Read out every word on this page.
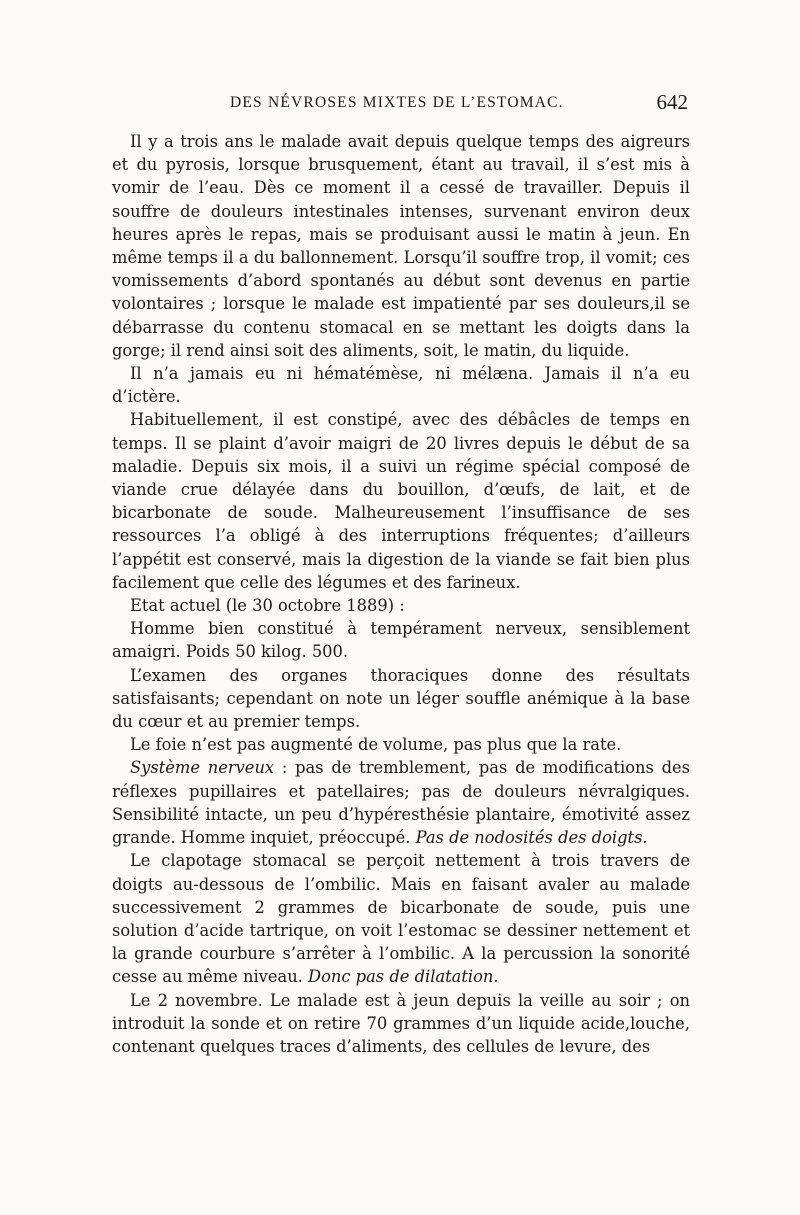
DES NÉVROSES MIXTES DE L’ESTOMAC.	642

Il y a trois ans le malade avait depuis quelque temps des aigreurs et du pyrosis, lorsque brusquement, étant au travail, il s’est mis à vomir de l’eau. Dès ce moment il a cessé de travailler. Depuis il souffre de douleurs intestinales intenses, survenant environ deux heures après le repas, mais se produisant aussi le matin à jeun. En même temps il a du ballonnement. Lorsqu’il souffre trop, il vomit; ces vomissements d’abord spontanés au début sont devenus en partie volontaires ; lorsque le malade est impatienté par ses douleurs,il se débarrasse du contenu stomacal en se mettant les doigts dans la gorge; il rend ainsi soit des aliments, soit, le matin, du liquide.

Il n’a jamais eu ni hématémèse, ni mélæna. Jamais il n’a eu d’ictère.

Habituellement, il est constipé, avec des débâcles de temps en temps. Il se plaint d’avoir maigri de 20 livres depuis le début de sa maladie. Depuis six mois, il a suivi un régime spécial composé de viande crue délayée dans du bouillon, d’œufs, de lait, et de bicarbonate de soude. Malheureusement l’insuffisance de ses ressources l’a obligé à des interruptions fréquentes; d’ailleurs l’appétit est conservé, mais la digestion de la viande se fait bien plus facilement que celle des légumes et des farineux.

Etat actuel (le 30 octobre 1889) :

Homme bien constitué à tempérament nerveux, sensiblement amaigri. Poids 50 kilog. 500.

L’examen des organes thoraciques donne des résultats satisfaisants; cependant on note un léger souffle anémique à la base du cœur et au premier temps.

Le foie n’est pas augmenté de volume, pas plus que la rate.

Système nerveux : pas de tremblement, pas de modifications des réflexes pupillaires et patellaires; pas de douleurs névralgiques. Sensibilité intacte, un peu d’hypéresthésie plantaire, émotivité assez grande. Homme inquiet, préoccupé. Pas de nodosités des doigts.

Le clapotage stomacal se perçoit nettement à trois travers de doigts au-dessous de l’ombilic. Mais en faisant avaler au malade successivement 2 grammes de bicarbonate de soude, puis une solution d’acide tartrique, on voit l’estomac se dessiner nettement et la grande courbure s’arrêter à l’ombilic. A la percussion la sonorité cesse au même niveau. Donc pas de dilatation.

Le 2 novembre. Le malade est à jeun depuis la veille au soir ; on introduit la sonde et on retire 70 grammes d’un liquide acide,louche, contenant quelques traces d’aliments, des cellules de levure, des
